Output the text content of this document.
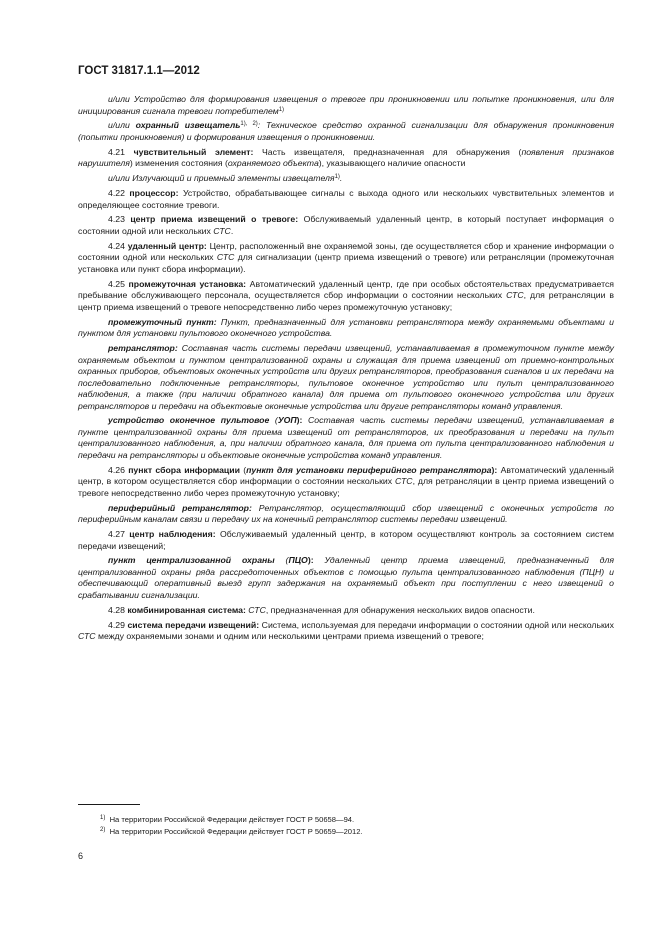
ГОСТ 31817.1.1—2012

и/или Устройство для формирования извещения о тревоге при проникновении или попытке проникновения, или для инициирования сигнала тревоги потребителем$^{1)}$

и/или охранный извещатель$^{1), 2)}$: Техническое средство охранной сигнализации для обнаружения проникновения (попытки проникновения) и формирования извещения о проникновении.

4.21 чувствительный элемент: Часть извещателя, предназначенная для обнаружения (появления признаков нарушителя) изменения состояния (охраняемого объекта), указывающего наличие опасности

и/или Излучающий и приемный элементы извещателя$^{1)}$.

4.22 процессор: Устройство, обрабатывающее сигналы с выхода одного или нескольких чувствительных элементов и определяющее состояние тревоги.

4.23 центр приема извещений о тревоге: Обслуживаемый удаленный центр, в который поступает информация о состоянии одной или нескольких СТС.

4.24 удаленный центр: Центр, расположенный вне охраняемой зоны, где осуществляется сбор и хранение информации о состоянии одной или нескольких СТС для сигнализации (центр приема извещений о тревоге) или ретрансляции (промежуточная установка или пункт сбора информации).

4.25 промежуточная установка: Автоматический удаленный центр, где при особых обстоятельствах предусматривается пребывание обслуживающего персонала, осуществляется сбор информации о состоянии нескольких СТС, для ретрансляции в центр приема извещений о тревоге непосредственно либо через промежуточную установку;

промежуточный пункт: Пункт, предназначенный для установки ретранслятора между охраняемыми объектами и пунктом для установки пультового оконечного устройства.

ретранслятор: Составная часть системы передачи извещений, устанавливаемая в промежуточном пункте между охраняемым объектом и пунктом централизованной охраны и служащая для приема извещений от приемно-контрольных охранных приборов, объектовых оконечных устройств или других ретрансляторов, преобразования сигналов и их передачи на последовательно подключенные ретрансляторы, пультовое оконечное устройство или пульт централизованного наблюдения, а также (при наличии обратного канала) для приема от пультового оконечного устройства или других ретрансляторов и передачи на объектовые оконечные устройства или другие ретрансляторы команд управления.

устройство оконечное пультовое (УОП): Составная часть системы передачи извещений, устанавливаемая в пункте централизованной охраны для приема извещений от ретрансляторов, их преобразования и передачи на пульт централизованного наблюдения, а, при наличии обратного канала, для приема от пульта централизованного наблюдения и передачи на ретрансляторы и объектовые оконечные устройства команд управления.

4.26 пункт сбора информации (пункт для установки периферийного ретранслятора): Автоматический удаленный центр, в котором осуществляется сбор информации о состоянии нескольких СТС, для ретрансляции в центр приема извещений о тревоге непосредственно либо через промежуточную установку;

периферийный ретранслятор: Ретранслятор, осуществляющий сбор извещений с оконечных устройств по периферийным каналам связи и передачу их на конечный ретранслятор системы передачи извещений.

4.27 центр наблюдения: Обслуживаемый удаленный центр, в котором осуществляют контроль за состоянием систем передачи извещений;

пункт централизованной охраны (ПЦО): Удаленный центр приема извещений, предназначенный для централизованной охраны ряда рассредоточенных объектов с помощью пульта централизованного наблюдения (ПЦН) и обеспечивающий оперативный выезд групп задержания на охраняемый объект при поступлении с него извещений о срабатывании сигнализации.

4.28 комбинированная система: СТС, предназначенная для обнаружения нескольких видов опасности.

4.29 система передачи извещений: Система, используемая для передачи информации о состоянии одной или нескольких СТС между охраняемыми зонами и одним или несколькими центрами приема извещений о тревоге;

$^{1)}$ На территории Российской Федерации действует ГОСТ Р 50658—94.
$^{2)}$ На территории Российской Федерации действует ГОСТ Р 50659—2012.
6
